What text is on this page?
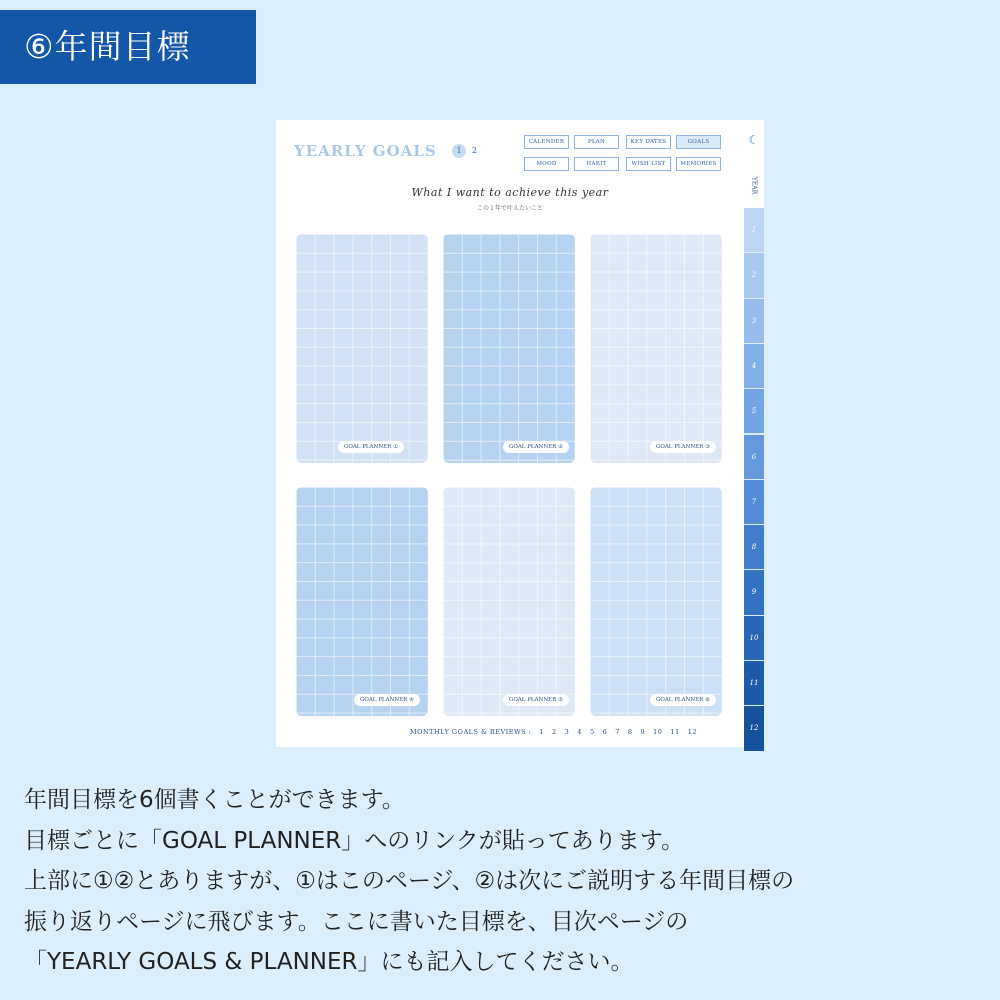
⑥年間目標
YEARLY GOALS	1	2
CALENDER	PLAN	KEY DATES	GOALS
MOOD	HABIT	WISH LIST	MEMORIES
What I want to achieve this year
この１年で叶えたいこと
GOAL PLANNER ①	GOAL PLANNER ②	GOAL PLANNER ③
GOAL PLANNER ④	GOAL PLANNER ⑤	GOAL PLANNER ⑥
MONTHLY GOALS & REVIEWS : 1 2 3 4 5 6 7 8 9 10 11 12
☾
YEAR
1
2
3
4
5
6
7
8
9
10
11
12
年間目標を6個書くことができます。
目標ごとに「GOAL PLANNER」へのリンクが貼ってあります。
上部に①②とありますが、①はこのページ、②は次にご説明する年間目標の
振り返りページに飛びます。ここに書いた目標を、目次ページの
「YEARLY GOALS & PLANNER」にも記入してください。
